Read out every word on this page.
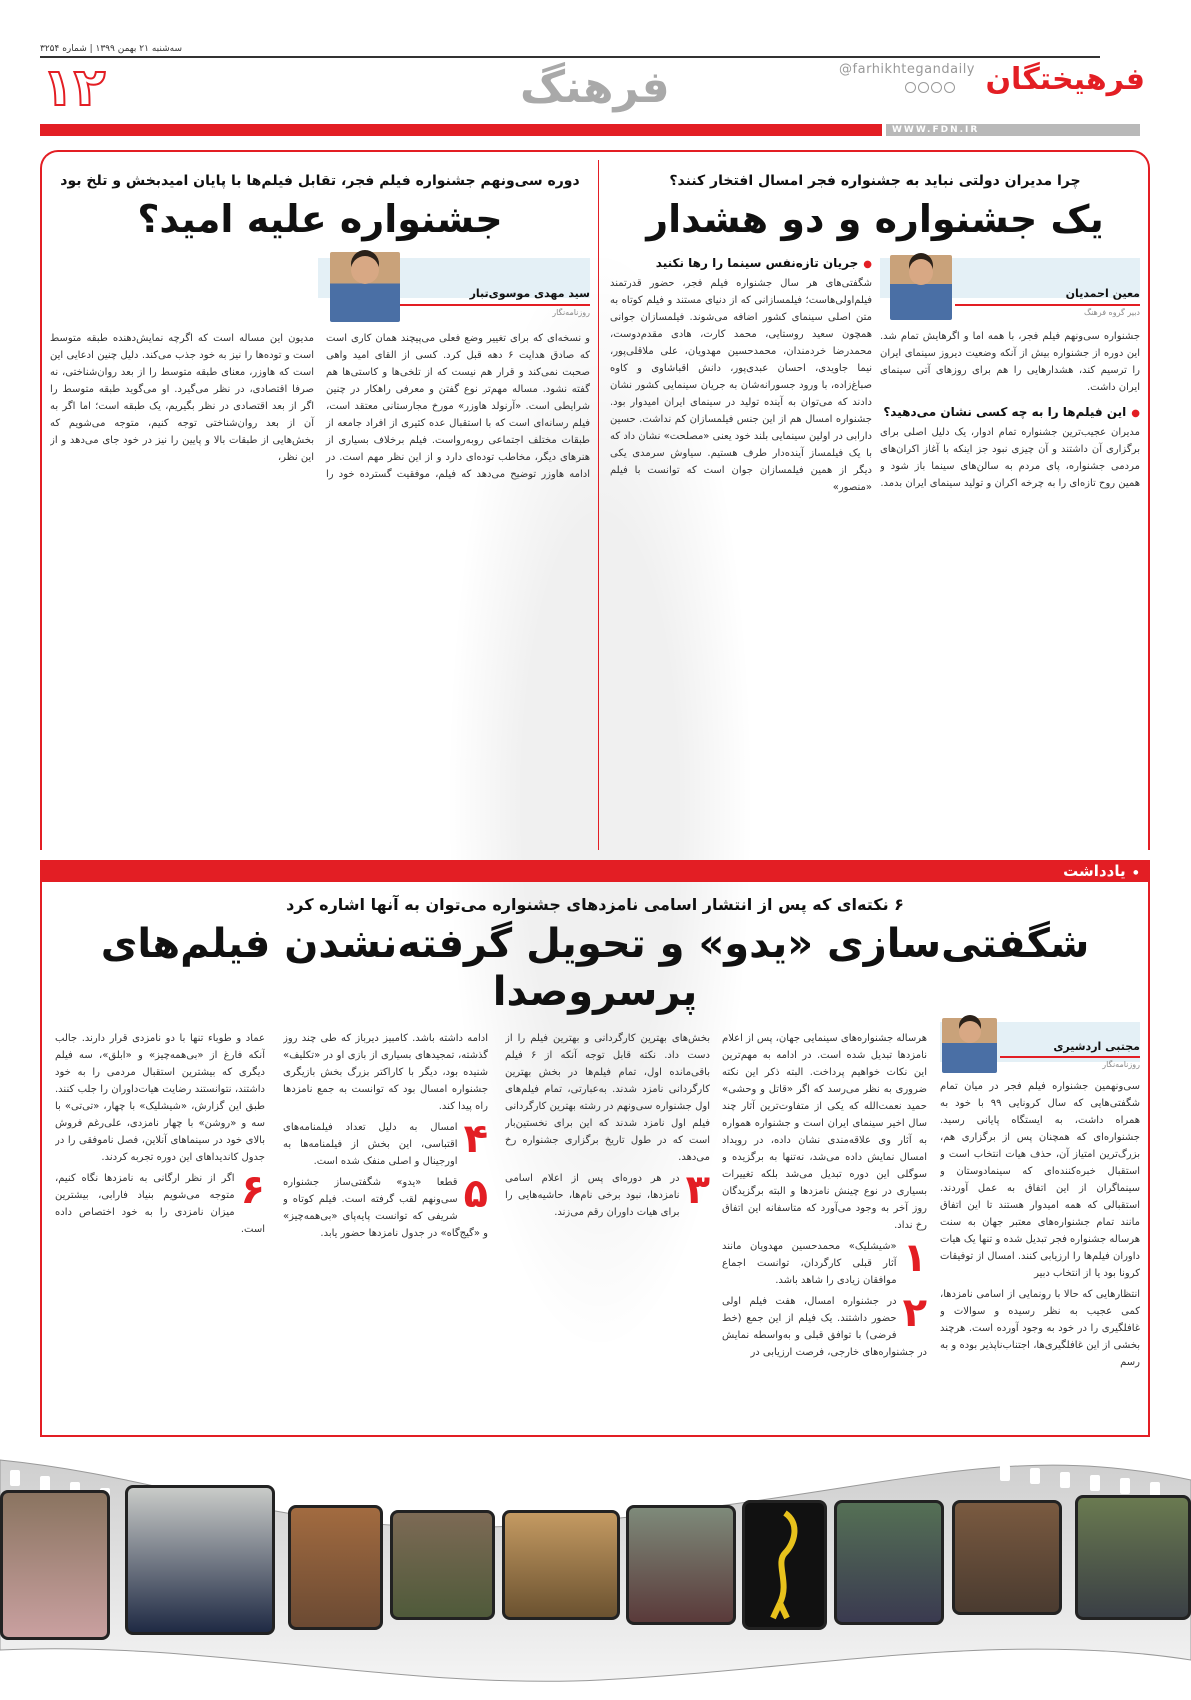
سه‌شنبه ۲۱ بهمن ۱۳۹۹ | شماره ۳۲۵۴
۱۲	فرهنگ	فرهیختگان
@farhikhtegandaily
WWW.FDN.IR
چرا مدیران دولتی نباید به جشنواره فجر امسال افتخار کنند؟
یک جشنواره و دو هشدار
معین احمدیان
دبیر گروه فرهنگ

جشنواره سی‌ونهم فیلم فجر، با همه اما و اگرهایش تمام شد. این دوره از جشنواره بیش از آنکه وضعیت دیروز سینمای ایران را ترسیم کند، هشدارهایی را هم برای روزهای آتی سینمای ایران داشت.

● این فیلم‌ها را به چه کسی نشان می‌دهید؟

مدیران عجیب‌ترین جشنواره تمام ادوار، یک دلیل اصلی برای برگزاری آن داشتند و آن چیزی نبود جز اینکه با آغاز اکران‌های مردمی جشنواره، پای مردم به سالن‌های سینما باز شود و همین روح تازه‌ای را به چرخه اکران و تولید سینمای ایران بدمد.

● جریان تازه‌نفس سینما را رها نکنید

شگفتی‌های هر سال جشنواره فیلم فجر، حضور قدرتمند فیلم‌اولی‌هاست؛ فیلمسازانی که از دنیای مستند و فیلم کوتاه به متن اصلی سینمای کشور اضافه می‌شوند. فیلمسازان جوانی همچون سعید روستایی، محمد کارت، هادی مقدم‌دوست، محمدرضا خردمندان، محمدحسین مهدویان، علی ملاقلی‌پور، نیما جاویدی، احسان عبدی‌پور، دانش اقباشاوی و کاوه صباغ‌زاده، با ورود جسورانه‌شان به جریان سینمایی کشور نشان دادند که می‌توان به آینده تولید در سینمای ایران امیدوار بود. جشنواره امسال هم از این جنس فیلمسازان کم نداشت. حسین دارابی در اولین سینمایی بلند خود یعنی «مصلحت» نشان داد که با یک فیلمساز آینده‌دار طرف هستیم. سیاوش سرمدی یکی دیگر از همین فیلمسازان جوان است که توانست با فیلم «منصور»

دوره سی‌ونهم جشنواره فیلم فجر، تقابل فیلم‌ها با پایان امیدبخش و تلخ بود
جشنواره علیه امید؟
سید مهدی موسوی‌تبار
روزنامه‌نگار

و نسخه‌ای که برای تغییر وضع فعلی می‌پیچند همان کاری است که صادق هدایت ۶ دهه قبل کرد. کسی از القای امید واهی صحبت نمی‌کند و قرار هم نیست که از تلخی‌ها و کاستی‌ها هم گفته نشود. مساله مهم‌تر نوع گفتن و معرفی راهکار در چنین شرایطی است. «آرنولد هاوزر» مورخ مجارستانی معتقد است، فیلم رسانه‌ای است که با استقبال عده کثیری از افراد جامعه از طبقات مختلف اجتماعی روبه‌رواست. فیلم برخلاف بسیاری از هنرهای دیگر، مخاطب توده‌ای دارد و از این نظر مهم است. در ادامه هاوزر توضیح می‌دهد که فیلم، موفقیت گسترده خود را مدیون این مساله است که اگرچه نمایش‌دهنده طبقه متوسط است و توده‌ها را نیز به خود جذب می‌کند. دلیل چنین ادعایی این است که هاوزر، معنای طبقه متوسط را از بعد روان‌شناختی، نه صرفا اقتصادی، در نظر می‌گیرد. او می‌گوید طبقه متوسط را اگر از بعد اقتصادی در نظر بگیریم، یک طبقه است؛ اما اگر به آن از بعد روان‌شناختی توجه کنیم، متوجه می‌شویم که بخش‌هایی از طبقات بالا و پایین را نیز در خود جای می‌دهد و از این نظر،

⚫ یادداشت
۶ نکته‌ای که پس از انتشار اسامی نامزدهای جشنواره می‌توان به آنها اشاره کرد
شگفتی‌سازی «یدو» و تحویل گرفته‌نشدن فیلم‌های پرسروصدا
مجتبی اردشیری
روزنامه‌نگار

سی‌ونهمین جشنواره فیلم فجر در میان تمام شگفتی‌هایی که سال کرونایی ۹۹ با خود به همراه داشت، به ایستگاه پایانی رسید. جشنواره‌ای که همچنان پس از برگزاری هم، بزرگ‌ترین امتیاز آن، حذف هیات انتخاب است و استقبال خبره‌کننده‌ای که سینمادوستان و سینماگران از این اتفاق به عمل آوردند. استقبالی که همه امیدوار هستند تا این اتفاق مانند تمام جشنواره‌های معتبر جهان به سنت هرساله جشنواره فجر تبدیل شده و تنها یک هیات داوران فیلم‌ها را ارزیابی کنند. امسال از توفیقات کرونا بود یا از انتخاب دبیر

انتظارهایی که حالا با رونمایی از اسامی نامزدها، کمی عجیب به نظر رسیده و سوالات و غافلگیری را در خود به وجود آورده است. هرچند بخشی از این غافلگیری‌ها، اجتناب‌ناپذیر بوده و به رسم

هرساله جشنواره‌های سینمایی جهان، پس از اعلام نامزدها تبدیل شده است. در ادامه به مهم‌ترین این نکات خواهیم پرداخت. البته ذکر این نکته ضروری به نظر می‌رسد که اگر «قاتل و وحشی» حمید نعمت‌الله که یکی از متفاوت‌ترین آثار چند سال اخیر سینمای ایران است و جشنواره همواره به آثار وی علاقه‌مندی نشان داده، در رویداد امسال نمایش داده می‌شد، نه‌تنها به برگزیده و سوگلی این دوره تبدیل می‌شد بلکه تغییرات بسیاری در نوع چینش نامزدها و البته برگزیدگان روز آخر به وجود می‌آورد که متاسفانه این اتفاق رخ نداد.

۱
«شیشلیک» محمدحسین مهدویان مانند آثار قبلی کارگردان، توانست اجماع موافقان زیادی را شاهد باشد.

۲
در جشنواره امسال، هفت فیلم اولی حضور داشتند. یک فیلم از این جمع (خط فرضی) با توافق قبلی و به‌واسطه نمایش در جشنواره‌های خارجی، فرصت ارزیابی در

بخش‌های بهترین کارگردانی و بهترین فیلم را از دست داد. نکته قابل توجه آنکه از ۶ فیلم باقی‌مانده اول، تمام فیلم‌ها در بخش بهترین کارگردانی نامزد شدند. به‌عبارتی، تمام فیلم‌های اول جشنواره سی‌ونهم در رشته بهترین کارگردانی فیلم اول نامزد شدند که این برای نخستین‌بار است که در طول تاریخ برگزاری جشنواره رخ می‌دهد.

۳
در هر دوره‌ای پس از اعلام اسامی نامزدها، نبود برخی نام‌ها، حاشیه‌هایی را برای هیات داوران رقم می‌زند.

ادامه داشته باشد. کامبیز دیرباز که طی چند روز گذشته، تمجیدهای بسیاری از بازی او در «تکلیف» شنیده بود، دیگر با کاراکتر بزرگ بخش بازیگری جشنواره امسال بود که توانست به جمع نامزدها راه پیدا کند.

۴
امسال به دلیل تعداد فیلمنامه‌های اقتباسی، این بخش از فیلمنامه‌ها به اورجینال و اصلی منفک شده است.

۵
قطعا «یدو» شگفتی‌ساز جشنواره سی‌ونهم لقب گرفته است. فیلم کوتاه و شریفی که توانست پایه‌پای «بی‌همه‌چیز» و «گیج‌گاه» در جدول نامزدها حضور یابد.

عماد و طوباء تنها با دو نامزدی قرار دارند. جالب آنکه فارغ از «بی‌همه‌چیز» و «ابلق»، سه فیلم دیگری که بیشترین استقبال مردمی را به خود داشتند، نتوانستند رضایت هیات‌داوران را جلب کنند. طبق این گزارش، «شیشلیک» با چهار، «تی‌تی» با سه و «روشن» با چهار نامزدی، علی‌رغم فروش بالای خود در سینماهای آنلاین، فصل ناموفقی را در جدول کاندیداهای این دوره تجربه کردند.

۶
اگر از نظر ارگانی به نامزدها نگاه کنیم، متوجه می‌شویم بنیاد فارابی، بیشترین میزان نامزدی را به خود اختصاص داده است.
